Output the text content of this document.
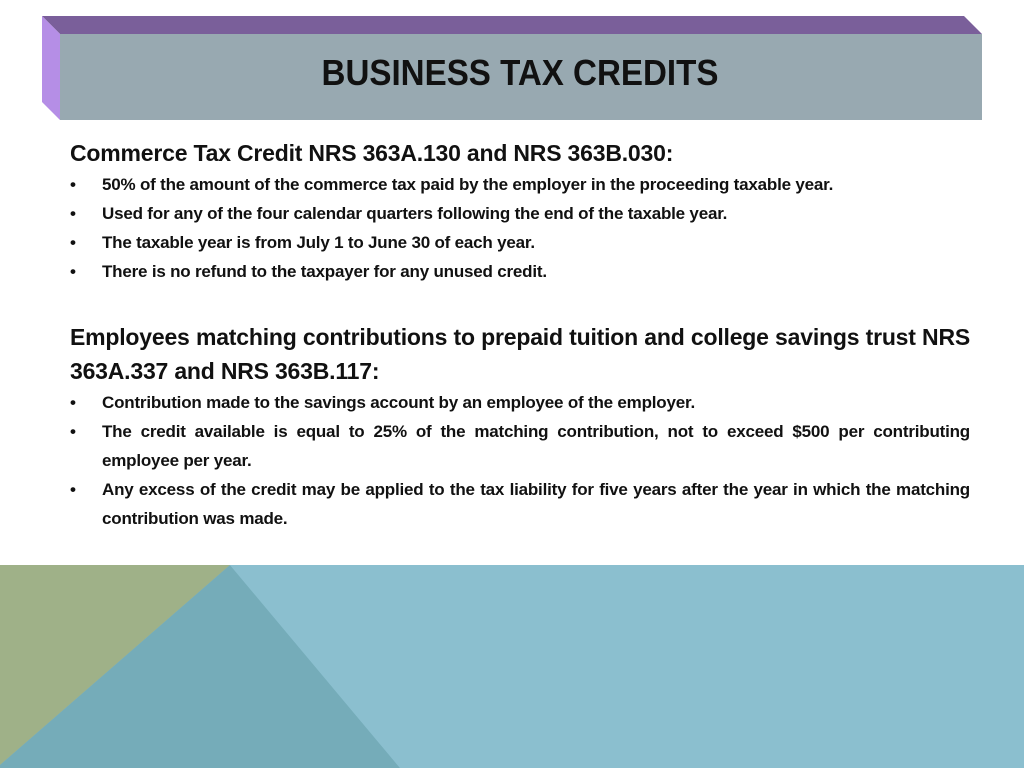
BUSINESS TAX CREDITS

Commerce Tax Credit NRS 363A.130 and NRS 363B.030:

• 50% of the amount of the commerce tax paid by the employer in the proceeding taxable year.
• Used for any of the four calendar quarters following the end of the taxable year.
• The taxable year is from July 1 to June 30 of each year.
• There is no refund to the taxpayer for any unused credit.

Employees matching contributions to prepaid tuition and college savings trust NRS 363A.337 and NRS 363B.117:

• Contribution made to the savings account by an employee of the employer.
• The credit available is equal to 25% of the matching contribution, not to exceed $500 per contributing employee per year.
• Any excess of the credit may be applied to the tax liability for five years after the year in which the matching contribution was made.
